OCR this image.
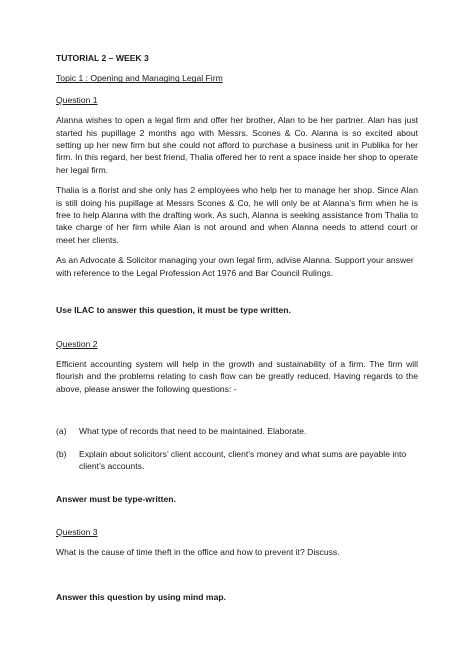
TUTORIAL 2 – WEEK 3

Topic 1 : Opening and Managing Legal Firm

Question 1

Alanna wishes to open a legal firm and offer her brother, Alan to be her partner. Alan has just started his pupillage 2 months ago with Messrs. Scones & Co. Alanna is so excited about setting up her new firm but she could not afford to purchase a business unit in Publika for her firm. In this regard, her best friend, Thalia offered her to rent a space inside her shop to operate her legal firm.

Thalia is a florist and she only has 2 employees who help her to manage her shop. Since Alan is still doing his pupillage at Messrs Scones & Co, he will only be at Alanna’s firm when he is free to help Alanna with the drafting work. As such, Alanna is seeking assistance from Thalia to take charge of her firm while Alan is not around and when Alanna needs to attend court or meet her clients.

As an Advocate & Solicitor managing your own legal firm, advise Alanna. Support your answer with reference to the Legal Profession Act 1976 and Bar Council Rulings.

Use ILAC to answer this question, it must be type written.

Question 2

Efficient accounting system will help in the growth and sustainability of a firm. The firm will flourish and the problems relating to cash flow can be greatly reduced. Having regards to the above, please answer the following questions: -

(a)	What type of records that need to be maintained. Elaborate.
(b)	Explain about solicitors’ client account, client’s money and what sums are payable into client’s accounts.

Answer must be type-written.

Question 3

What is the cause of time theft in the office and how to prevent it? Discuss.

Answer this question by using mind map.
